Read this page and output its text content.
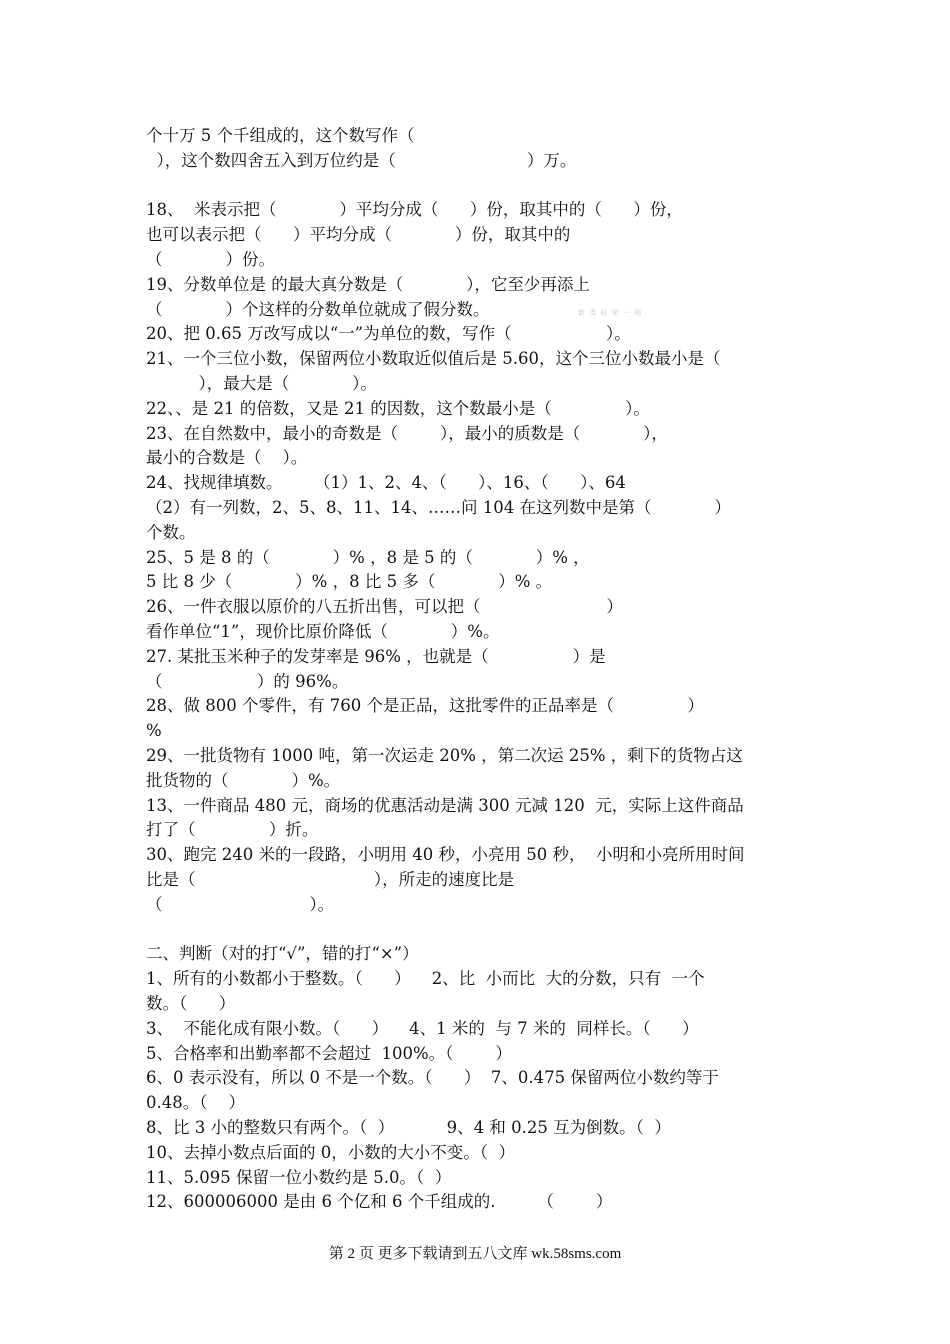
个十万 5 个千组成的，这个数写作（
），这个数四舍五入到万位约是（                         ）万。
18、  米表示把（            ）平均分成（      ）份，取其中的（      ）份，
也可以表示把（      ）平均分成（            ）份，取其中的
（            ）份。
19、分数单位是 的最大真分数是（            ），它至少再添上
（            ）个这样的分数单位就成了假分数。
20、把 0.65 万改写成以“一”为单位的数，写作（                  ）。
21、一个三位小数，保留两位小数取近似值后是 5.60，这个三位小数最小是（
），最大是（            ）。
22、、是 21 的倍数，又是 21 的因数，这个数最小是（              ）。
23、在自然数中，最小的奇数是（        ），最小的质数是（            ），
最小的合数是（    ）。
24、找规律填数。      （1）1、2、4、（      ）、16、（      ）、64
（2）有一列数，2、5、8、11、14、……问 104 在这列数中是第（            ）
个数。
25、5 是 8 的（            ）% ，8 是 5 的（            ）% ，
5 比 8 少（            ）% ，8 比 5 多（            ）% 。
26、一件衣服以原价的八五折出售，可以把（                        ）
看作单位“1”，现价比原价降低（            ）%。
27. 某批玉米种子的发芽率是 96% ，也就是（                ）是
（                  ）的 96%。
28、做 800 个零件，有 760 个是正品，这批零件的正品率是（              ）
%
29、一批货物有 1000 吨，第一次运走 20% ，第二次运 25% ，剩下的货物占这
批货物的（            ）%。
13、一件商品 480 元，商场的优惠活动是满 300 元减 120  元，实际上这件商品
打了（              ）折。
30、跑完 240 米的一段路，小明用 40 秒，小亮用 50 秒，  小明和小亮所用时间
比是（                                  ），所走的速度比是
（                            ）。
二、判断（对的打“√”，错的打“×”）
1、所有的小数都小于整数。（      ）    2、比  小而比  大的分数，只有  一个
数。（      ）
3、  不能化成有限小数。（      ）    4、1 米的  与 7 米的  同样长。（      ）
5、合格率和出勤率都不会超过  100%。（        ）
6、0 表示没有，所以 0 不是一个数。（      ）  7、0.475 保留两位小数约等于
0.48。（    ）
8、比 3 小的整数只有两个。（  ）          9、4 和 0.25 互为倒数。（  ）
10、去掉小数点后面的 0，小数的大小不变。（  ）
11、5.095 保留一位小数约是 5.0。（  ）
12、600006000 是由 6 个亿和 6 个千组成的.        （        ）
新 课 标 第 一 网
第 2 页 更多下载请到五八文库 wk.58sms.com
